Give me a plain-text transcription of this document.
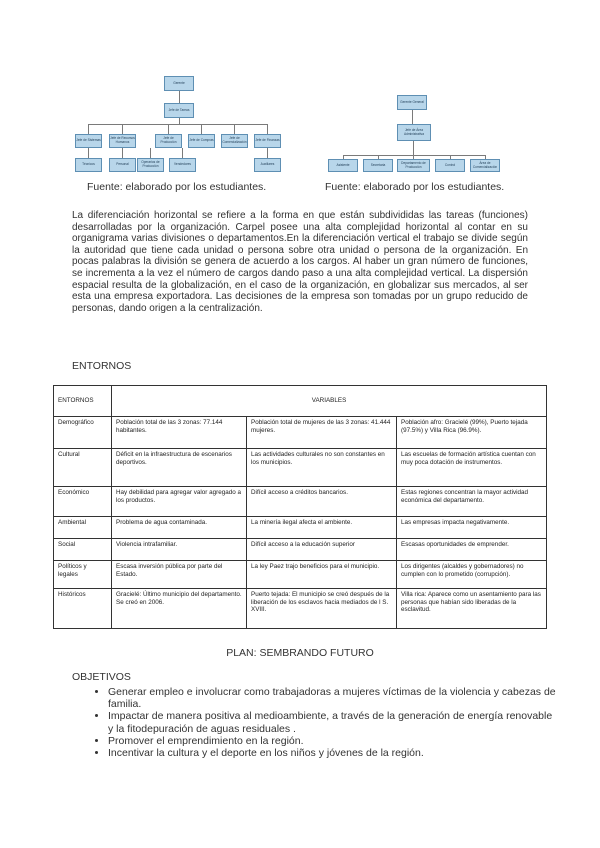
Gerente
Jefe de Tareas
Jefe de Sistemas	Jefe de Recursos Humanos
Jefe de Producción	Jefe de Compras	Jefe de Comercialización	Jefe de Finanzas
Técnicos	Personal	Operarios de Producción	Vendedores	Auxiliares
Fuente: elaborado por los estudiantes.
Gerente General
Jefe de Área Administrativa
Asistente	Secretaria	Departamento de Producción	Control	Área de Comercialización
Fuente: elaborado por los estudiantes.
La diferenciación horizontal se refiere a la forma en que están subdivididas las tareas (funciones) desarrolladas por la organización. Carpel posee una alta complejidad horizontal al contar en su organigrama varias divisiones o departamentos.En la diferenciación vertical el trabajo se divide según la autoridad que tiene cada unidad o persona sobre otra unidad o persona de la organización. En pocas palabras la división se genera de acuerdo a los cargos. Al haber un gran número de funciones, se incrementa a la vez el número de cargos dando paso a una alta complejidad vertical. La dispersión espacial resulta de la globalización, en el caso de la organización, en globalizar sus mercados, al ser esta una empresa exportadora. Las decisiones de la empresa son tomadas por un grupo reducido de personas, dando origen a la centralización.
ENTORNOS
ENTORNOS	VARIABLES		
Demográfico	Población total de las 3 zonas: 77.144 habitantes.	Población total de mujeres de las 3 zonas: 41.444 mujeres.	Población afro: Gracielé (99%), Puerto tejada (97.5%) y Villa Rica (96.9%).
Cultural	Déficit en la infraestructura de escenarios deportivos.	Las actividades culturales no son constantes en los municipios.	Las escuelas de formación artística cuentan con muy poca dotación de instrumentos.
Económico	Hay debilidad para agregar valor agregado a los productos.	Difícil acceso a créditos bancarios.	Estas regiones concentran la mayor actividad económica del departamento.
Ambiental	Problema de agua contaminada.	La minería ilegal afecta el ambiente.	Las empresas impacta negativamente.
Social	Violencia intrafamiliar.	Difícil acceso a la educación superior	Escasas oportunidades de emprender.
Políticos y legales	Escasa inversión pública por parte del Estado.	La ley Paez trajo beneficios para el municipio.	Los dirigentes (alcaldes y gobernadores) no cumplen con lo prometido (corrupción).
Históricos	Gracielé: Último municipio del departamento. Se creó en 2006.	Puerto tejada: El municipio se creó después de la liberación de los esclavos hacia mediados de l S. XVIII.	Villa rica: Aparece como un asentamiento para las personas que habían sido liberadas de la esclavitud.
PLAN: SEMBRANDO FUTURO
OBJETIVOS
• Generar empleo e involucrar como trabajadoras a mujeres víctimas de la violencia y cabezas de familia.
• Impactar de manera positiva al medioambiente, a través de la generación de energía renovable y la fitodepuración de aguas residuales .
• Promover el emprendimiento en la región.
• Incentivar la cultura y el deporte en los niños y jóvenes de la región.
